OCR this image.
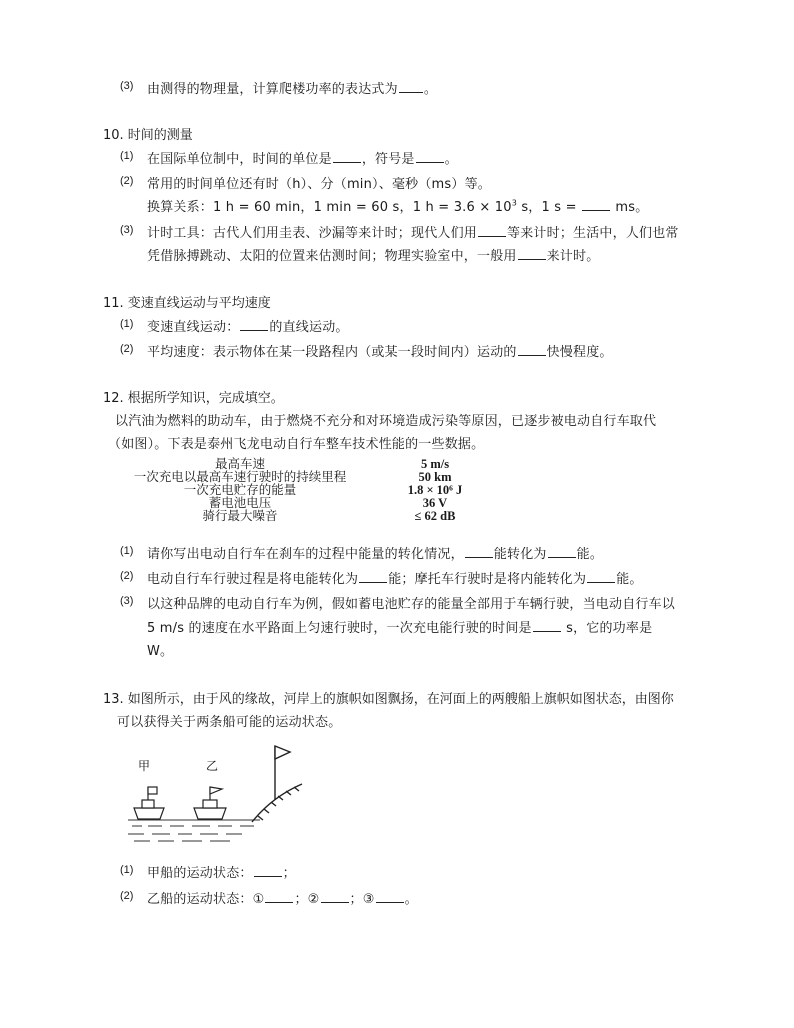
(3) 由测得的物理量，计算爬楼功率的表达式为 。
10. 时间的测量
(1) 在国际单位制中，时间的单位是 ，符号是 。
(2) 常用的时间单位还有时（h）、分（min）、毫秒（ms）等。
换算关系：1 h = 60 min，1 min = 60 s，1 $h = 3.6 \times 10^3$ s，1 s =  ms。
(3) 计时工具：古代人们用圭表、沙漏等来计时；现代人们用 等来计时；生活中，人们也常
凭借脉搏跳动、太阳的位置来估测时间；物理实验室中，一般用 来计时。
11. 变速直线运动与平均速度
(1) 变速直线运动： 的直线运动。
(2) 平均速度：表示物体在某一段路程内（或某一段时间内）运动的 快慢程度。
12. 根据所学知识，完成填空。
以汽油为燃料的助动车，由于燃烧不充分和对环境造成污染等原因，已逐步被电动自行车取代
（如图）。下表是泰州飞龙电动自行车整车技术性能的一些数据。
最高车速	5 m/s
一次充电以最高车速行驶时的持续里程	50 km
一次充电贮存的能量	1.8 × 10⁶ J
蓄电池电压	36 V
骑行最大噪音	≤ 62 dB
(1) 请你写出电动自行车在刹车的过程中能量的转化情况， 能转化为 能。
(2) 电动自行车行驶过程是将电能转化为 能；摩托车行驶时是将内能转化为 能。
(3) 以这种品牌的电动自行车为例，假如蓄电池贮存的能量全部用于车辆行驶，当电动自行车以
5 m/s 的速度在水平路面上匀速行驶时，一次充电能行驶的时间是 s，它的功率是
W。
13. 如图所示，由于风的缘故，河岸上的旗帜如图飘扬，在河面上的两艘船上旗帜如图状态，由图你
可以获得关于两条船可能的运动状态。
甲	乙
(1) 甲船的运动状态： ；
(2) 乙船的运动状态：① ；② ；③ 。
